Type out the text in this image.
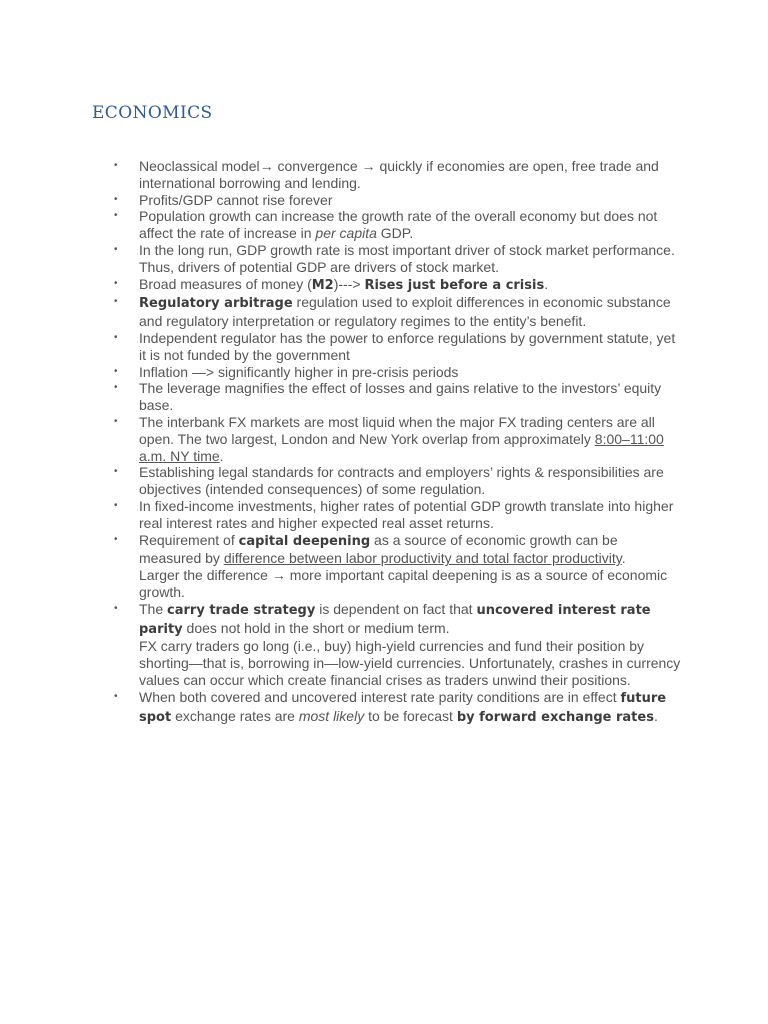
ECONOMICS
•	Neoclassical model→ convergence → quickly if economies are open, free trade and international borrowing and lending.
•	Profits/GDP cannot rise forever
•	Population growth can increase the growth rate of the overall economy but does not affect the rate of increase in per capita GDP.
•	In the long run, GDP growth rate is most important driver of stock market performance. Thus, drivers of potential GDP are drivers of stock market.
•	Broad measures of money (M2)---> Rises just before a crisis.
•	Regulatory arbitrage regulation used to exploit differences in economic substance and regulatory interpretation or regulatory regimes to the entity’s benefit.
•	Independent regulator has the power to enforce regulations by government statute, yet it is not funded by the government
•	Inflation —> significantly higher in pre-crisis periods
•	The leverage magnifies the effect of losses and gains relative to the investors’ equity base.
•	The interbank FX markets are most liquid when the major FX trading centers are all open. The two largest, London and New York overlap from approximately 8:00–11:00 a.m. NY time.
•	Establishing legal standards for contracts and employers’ rights & responsibilities are objectives (intended consequences) of some regulation.
•	In fixed-income investments, higher rates of potential GDP growth translate into higher real interest rates and higher expected real asset returns.
•	Requirement of capital deepening as a source of economic growth can be measured by difference between labor productivity and total factor productivity.
Larger the difference → more important capital deepening is as a source of economic growth.
•	The carry trade strategy is dependent on fact that uncovered interest rate parity does not hold in the short or medium term.
FX carry traders go long (i.e., buy) high-yield currencies and fund their position by shorting—that is, borrowing in—low-yield currencies. Unfortunately, crashes in currency values can occur which create financial crises as traders unwind their positions.
•	When both covered and uncovered interest rate parity conditions are in effect future spot exchange rates are most likely to be forecast by forward exchange rates.
